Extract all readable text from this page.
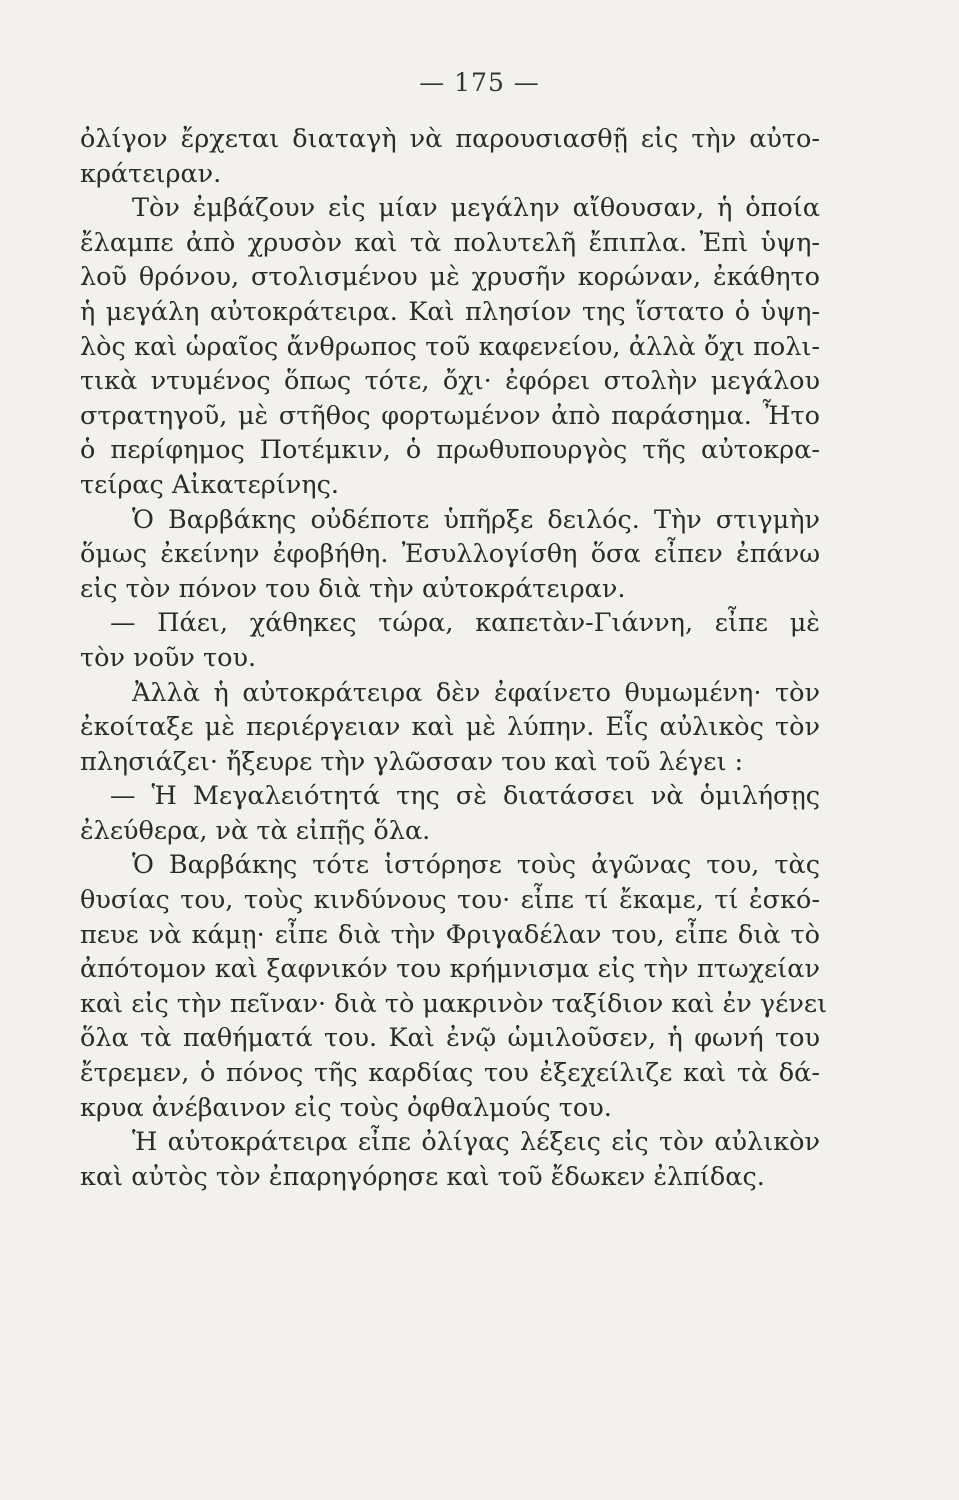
— 175 —
ὀλίγον ἔρχεται διαταγὴ νὰ παρουσιασθῇ εἰς τὴν αὐτο-
κράτειραν.
Τὸν ἐμβάζουν εἰς μίαν μεγάλην αἴθουσαν, ἡ ὁποία
ἔλαμπε ἀπὸ χρυσὸν καὶ τὰ πολυτελῆ ἔπιπλα. Ἐπὶ ὑψη-
λοῦ θρόνου, στολισμένου μὲ χρυσῆν κορώναν, ἐκάθητο
ἡ μεγάλη αὐτοκράτειρα. Καὶ πλησίον της ἵστατο ὁ ὑψη-
λὸς καὶ ὡραῖος ἄνθρωπος τοῦ καφενείου, ἀλλὰ ὄχι πολι-
τικὰ ντυμένος ὅπως τότε, ὄχι· ἐφόρει στολὴν μεγάλου
στρατηγοῦ, μὲ στῆθος φορτωμένον ἀπὸ παράσημα. Ἦτο
ὁ περίφημος Ποτέμκιν, ὁ πρωθυπουργὸς τῆς αὐτοκρα-
τείρας Αἰκατερίνης.
Ὁ Βαρβάκης οὐδέποτε ὑπῆρξε δειλός. Τὴν στιγμὴν
ὅμως ἐκείνην ἐφοβήθη. Ἐσυλλογίσθη ὅσα εἶπεν ἐπάνω
εἰς τὸν πόνον του διὰ τὴν αὐτοκράτειραν.
— Πάει, χάθηκες τώρα, καπετὰν-Γιάννη, εἶπε μὲ
τὸν νοῦν του.
Ἀλλὰ ἡ αὐτοκράτειρα δὲν ἐφαίνετο θυμωμένη· τὸν
ἐκοίταξε μὲ περιέργειαν καὶ μὲ λύπην. Εἷς αὐλικὸς τὸν
πλησιάζει· ἤξευρε τὴν γλῶσσαν του καὶ τοῦ λέγει :
— Ἡ Μεγαλειότητά της σὲ διατάσσει νὰ ὁμιλήσῃς
ἐλεύθερα, νὰ τὰ εἰπῇς ὅλα.
Ὁ Βαρβάκης τότε ἱστόρησε τοὺς ἀγῶνας του, τὰς
θυσίας του, τοὺς κινδύνους του· εἶπε τί ἔκαμε, τί ἐσκό-
πευε νὰ κάμῃ· εἶπε διὰ τὴν Φριγαδέλαν του, εἶπε διὰ τὸ
ἀπότομον καὶ ξαφνικόν του κρήμνισμα εἰς τὴν πτωχείαν
καὶ εἰς τὴν πεῖναν· διὰ τὸ μακρινὸν ταξίδιον καὶ ἐν γένει
ὅλα τὰ παθήματά του. Καὶ ἐνῷ ὡμιλοῦσεν, ἡ φωνή του
ἔτρεμεν, ὁ πόνος τῆς καρδίας του ἐξεχείλιζε καὶ τὰ δά-
κρυα ἀνέβαινον εἰς τοὺς ὀφθαλμούς του.
Ἡ αὐτοκράτειρα εἶπε ὀλίγας λέξεις εἰς τὸν αὐλικὸν
καὶ αὐτὸς τὸν ἐπαρηγόρησε καὶ τοῦ ἔδωκεν ἐλπίδας.
